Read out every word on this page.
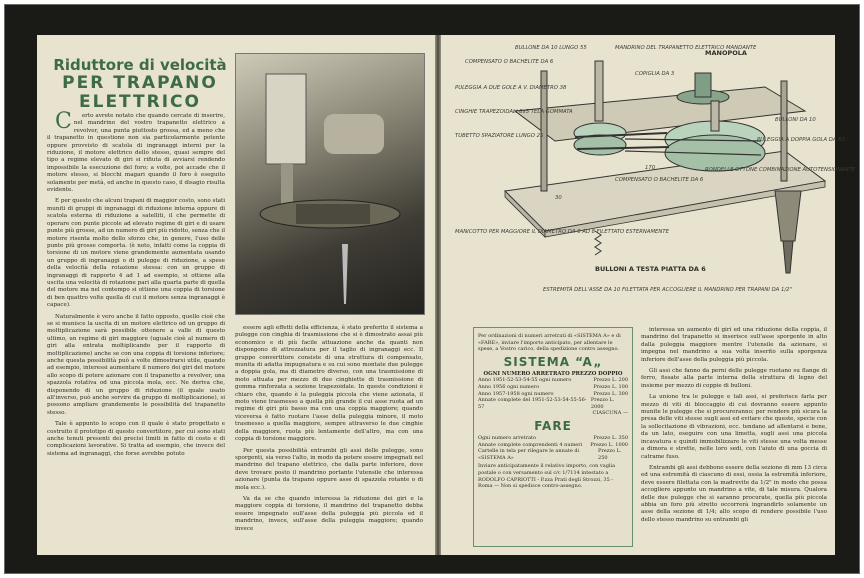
Riduttore di velocità
PER TRAPANO
ELETTRICO

C erto avrete notato che quando cercate di inserire, nel mandrino del vostro trapanetto elettrico a revolver, una punta piuttosto grossa, ed a meno che il trapanetto in questione non sia particolarmente potente oppure provvisto di scatola di ingranaggi interni per la riduzione, il motore elettrico dello stesso, quasi sempre del tipo a regime elevato di giri si rifiuta di avviarsi rendendo impossibile la esecuzione del foro; a volte, poi accade che il motore stesso, si blocchi magari quando il foro è eseguito solamente per metà, ed anche in questo caso, il disagio risulta evidente.

E per questo che alcuni trapani di maggior costo, sono stati muniti di gruppi di ingranaggi di riduzione interna oppure di scatola esterna di riduzione a satelliti, il che permette di operare con punte piccole ad elevato regime di giri e di usare punte più grosse, ad un numero di giri più ridotto, senza che il motore risenta molto dello sforzo che, in genere, l'uso delle punte più grosse comporta. (è noto, infatti come la coppia di torsione di un motore viene grandemente aumentata usando un gruppo di ingranaggi o di pulegge di riduzione, a spese della velocità della rotazione stessa: con un gruppo di ingranaggi di rapporto 4 ad 1 ad esempio, si ottiene alla uscita una velocità di rotazione pari alla quarta parte di quella del motore ma nel contempo si ottiene una coppia di torsione di ben quattro volte quella di cui il motore senza ingranaggi è capace).

Naturalmente è vero anche il fatto opposto, quello cioè che se si munisce la uscita di un motore elettrico od un gruppo di moltiplicazione sarà possibile ottenere a valle di questo ultimo, un regime di giri maggiore (uguale cioè al numero di giri alla entrata moltiplicando per il rapporto di moltiplicazione) anche se con una coppia di torsione inferiore; anche questa possibilità può a volte dimostrarsi utile, quando ad esempio, interessi aumentare il numero dei giri del motore allo scopo di potere azionare con il trapanetto a revolver, una spazzola rotativa od una piccola mola, ecc. Ne deriva che, disponendo di un gruppo di riduzione (il quale usato all'inverso, può anche servire da gruppo di moltiplicazione), si possono ampliare grandemente le possibilità del trapanetto stesso.

Tale è appunto lo scopo con il quale è stato progettato e costruito il prototipo di questo convertitore, per cui sono stati anche tenuti presenti dei precisi limiti in fatto di costo e di complicazioni lavorative. Si tratta ad esempio, che invece del sistema ad ingranaggi, che forse avrebbe potuto

essere agli effetti della efficienza, è stato preferito il sistema a pulegge con cinghia di trasmissione che si è dimostrato assai più economico e di più facile attuazione anche da quanti non dispongono di attrezzatura per il taglio di ingranaggi ecc. Il gruppo convertitore consiste di una struttura di compensato, munita di adatta impugnatura e su cui sono montate due pulegge a doppia gola, ma di diametro diverso, con una trasmissione di moto attuata per mezzo di due cinghiette di trasmissione di gomma rinforzata a sezione trapezoidale. In queste condizioni è chiaro che, quando è la puleggia piccola che viene azionata, il moto viene trasmesso a quella più grande il cui asse ruota ad un regime di giri più basso ma con una coppia maggiore; quando viceversa è fatto ruotare l'asse della puleggia minore, il moto trasmesso a quella maggiore, sempre attraverso le due cinghie della maggiore, ruota più lentamente dell'altro, ma con una coppia di torsione maggiore.

Per questa possibilità entrambi gli assi delle pulegge, sono sporgenti, sia verso l'alto, in modo da potere essere impegnati nel mandrino del trapano elettrico, che dalla parte inferiore, dove deve trovare posto il mandrino portante l'utensile che interessa azionare (punta da trapano oppure asse di spazzola rotante o di mola ecc.).

Va da se che quando interessa la riduzione dei giri e la maggiore coppia di torsione, il mandrino del trapanetto debba essere impegnato sull'asse della puleggia più piccola ed il mandrino, invece, sull'asse della puleggia maggiore; quando invece

BULLONE DA 10 LUNGO 55
COMPENSATO O BACHELITE DA 6
MANDRINO DEL TRAPANETTO ELETTRICO MANDANTE
COPIGLIA DA 3
MANOPOLA
PULEGGIA A DUE GOLE A V. DIAMETRO 38
CINGHIE TRAPEZOIDALI 8x5 TELA GOMMATA
TUBETTO SPAZIATORE LUNGO 25
BULLONI DA 10
PULEGGIA A DOPPIA GOLA DA 63
RONDELLE OTTONE COMBINAZIONE AUTOTENSIONANTE
COMPENSATO O BACHELITE DA 6
MANICOTTO PER MAGGIORE IL DIAMETRO DA 6 AD 8 FILETTATO ESTERNAMENTE
BULLONI A TESTA PIATTA DA 6
ESTREMITÀ DELL'ASSE DA 10 FILETTATA PER ACCOGLIERE IL MANDRINO PER TRAPANI DA 1/2"
170
30

Per ordinazioni di numeri arretrati di «SISTEMA A» e di «FARE», inviare l'importo anticipato, per allentare le spese, a Vostro carico, della spedizione contro assegno.

SISTEMA “A„
OGNI NUMERO ARRETRATO PREZZO DOPPIO
Anno 1951-52-53-54-55 ogni numero	Prezzo L. 200
Anno 1956 ogni numero	Prezzo L. 100
Anno 1957-1958 ogni numero	Prezzo L. 300
Annate complete del 1951-52-53-54-55-56-57
Prezzo L. 2000
CIASCUNA —
FARE
Ogni numero arretrato	Prezzo L. 350
Annate complete comprendenti 4 numeri Prezzo L. 1000
Cartelle in tela per rilegare le annate di «SISTEMA A»
Prezzo L. 250

Inviare anticipatamente il relativo importo, con vaglia postale o con versamento sul c/c 1/7114 intestato a RODOLFO CAPRIOTTI - P.zza Prati degli Strozzi, 35 - Roma — Non si spedisce contro-assegno.

interessa un aumento di giri ed una riduzione della coppia, il mandrino del trapanetto si inserisce sull'asse sporgente in alto dalla puleggia maggiore mentre l'utensile da azionare, si impegna nel mandrino a sua volta inserito sulla sporgenza inferiore dell'asse della puleggia più piccola.

Gli assi che fanno da perni delle pulegge ruotano su flange di ferro, fissate alla parte interna della struttura di legno del insieme per mezzo di coppie di bulloni.

La unione tra le pulegge e tali assi, si preferisce farla per mezzo di viti di bloccaggio di cui dovranno essere appunto munite le pulegge che si procureranno; per rendere più sicura la presa delle viti stesse sugli assi ed evitare che queste, specie con la sollecitazione di vibrazioni, ecc. tendano ad allentarsi e bene, da un lato, eseguire con una limetta, sugli assi una piccola incavatura e quindi immobilizzare le viti stesse una volta messe a dimora e strette, nelle loro sedi, con l'aiuto di una goccia di catrame fuso.

Entrambi gli assi debbono essere della sezione di mm 13 circa ed una estremità di ciascuno di essi, ossia la estremità inferiore, deve essere filettata con la madrevite da 1/2" in modo che possa accogliere appunto un mandrino a vite, di tale misura. Qualora delle due pulegge che si saranno procurate, quella più piccola abbia un foro più stretto occorrerà ingrandirlo solamente un asse della sezione di 1/4; allo scopo di rendere possibile l'uso dello stesso mandrino su entrambi gli
